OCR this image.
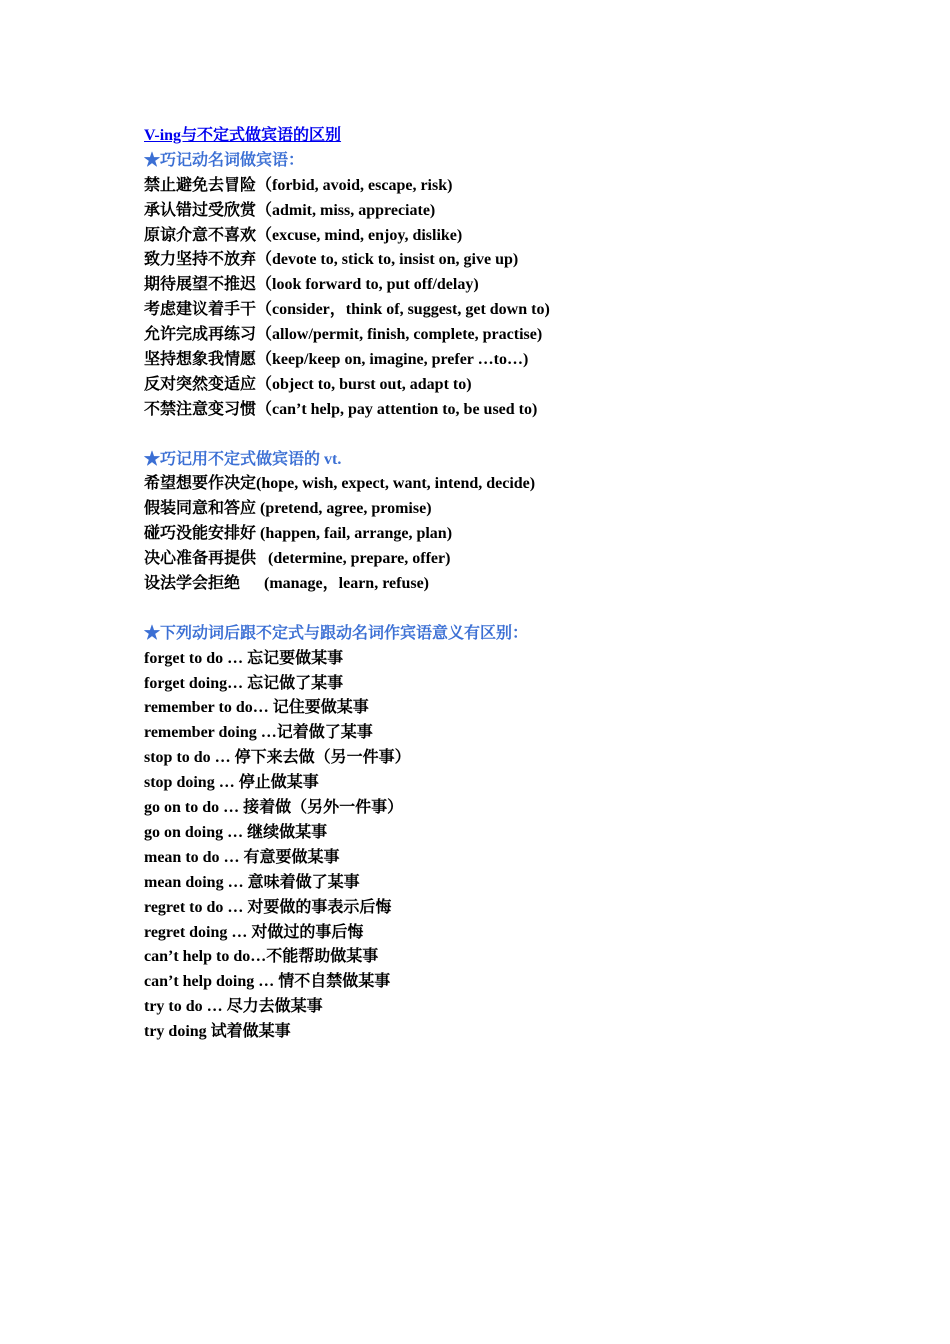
V-ing与不定式做宾语的区别
★巧记动名词做宾语：
禁止避免去冒险（forbid, avoid, escape, risk)
承认错过受欣赏（admit, miss, appreciate)
原谅介意不喜欢（excuse, mind, enjoy, dislike)
致力坚持不放弃（devote to, stick to, insist on, give up)
期待展望不推迟（look forward to, put off/delay)
考虑建议着手干（consider，think of, suggest, get down to)
允许完成再练习（allow/permit, finish, complete, practise)
坚持想象我情愿（keep/keep on, imagine, prefer …to…)
反对突然变适应（object to, burst out, adapt to)
不禁注意变习惯（can’t help, pay attention to, be used to)
★巧记用不定式做宾语的 vt.
希望想要作决定(hope, wish, expect, want, intend, decide)
假装同意和答应 (pretend, agree, promise)
碰巧没能安排好 (happen, fail, arrange, plan)
决心准备再提供   (determine, prepare, offer)
设法学会拒绝      (manage，learn, refuse)
★下列动词后跟不定式与跟动名词作宾语意义有区别：
forget to do … 忘记要做某事
forget doing… 忘记做了某事
remember to do… 记住要做某事
remember doing …记着做了某事
stop to do … 停下来去做（另一件事）
stop doing … 停止做某事
go on to do … 接着做（另外一件事）
go on doing … 继续做某事
mean to do … 有意要做某事
mean doing … 意味着做了某事
regret to do … 对要做的事表示后悔
regret doing … 对做过的事后悔
can’t help to do…不能帮助做某事
can’t help doing … 情不自禁做某事
try to do … 尽力去做某事
try doing 试着做某事
